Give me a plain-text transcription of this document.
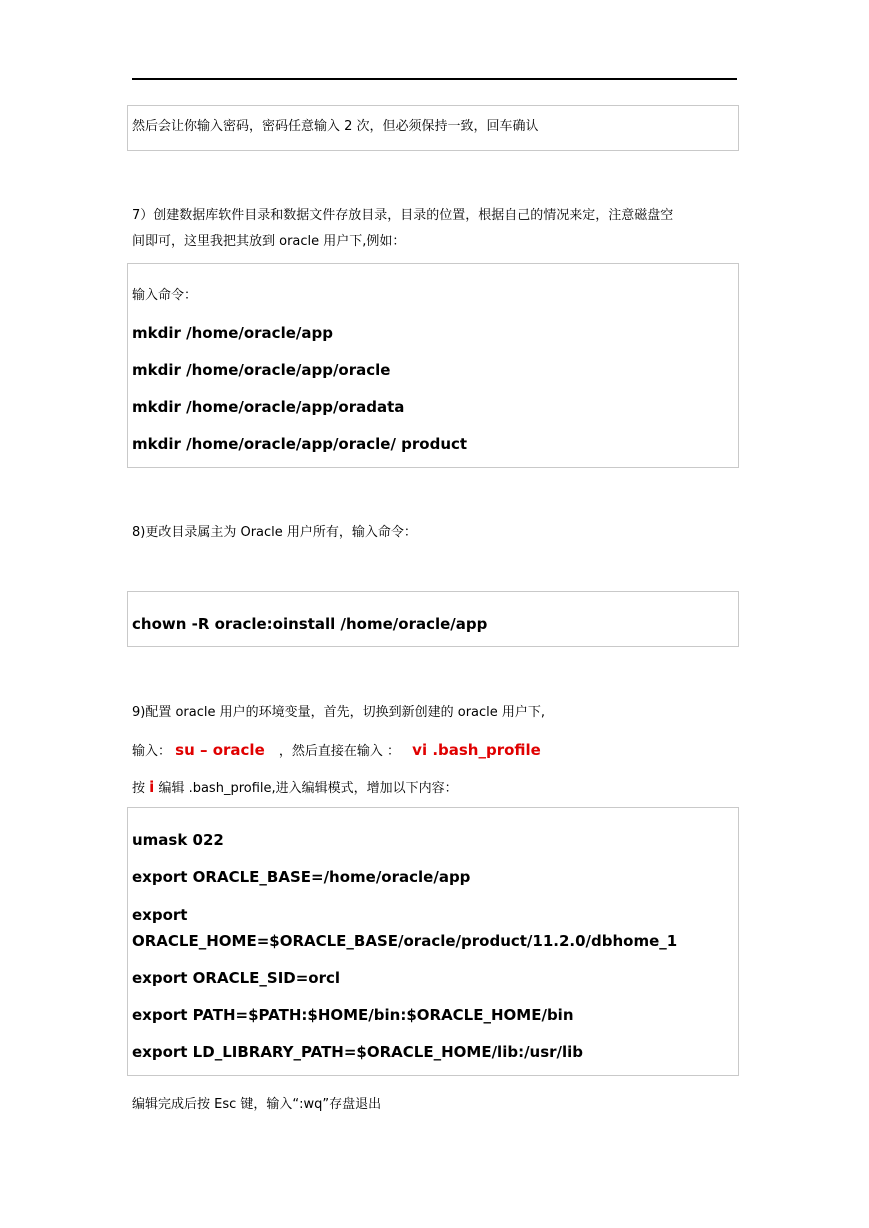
然后会让你输入密码，密码任意输入 2 次，但必须保持一致，回车确认
7）创建数据库软件目录和数据文件存放目录，目录的位置，根据自己的情况来定，注意磁盘空
间即可，这里我把其放到 oracle 用户下,例如：
输入命令：
mkdir /home/oracle/app
mkdir /home/oracle/app/oracle
mkdir /home/oracle/app/oradata
mkdir /home/oracle/app/oracle/ product
8)更改目录属主为 Oracle 用户所有，输入命令：
chown -R oracle:oinstall /home/oracle/app
9)配置 oracle 用户的环境变量，首先，切换到新创建的 oracle 用户下,
输入： su – oracle ，然后直接在输入 ： vi .bash_profile
按 i 编辑 .bash_profile,进入编辑模式，增加以下内容：
umask 022
export ORACLE_BASE=/home/oracle/app
export
ORACLE_HOME=$ORACLE_BASE/oracle/product/11.2.0/dbhome_1
export ORACLE_SID=orcl
export PATH=$PATH:$HOME/bin:$ORACLE_HOME/bin
export LD_LIBRARY_PATH=$ORACLE_HOME/lib:/usr/lib
编辑完成后按 Esc 键，输入“:wq”存盘退出
